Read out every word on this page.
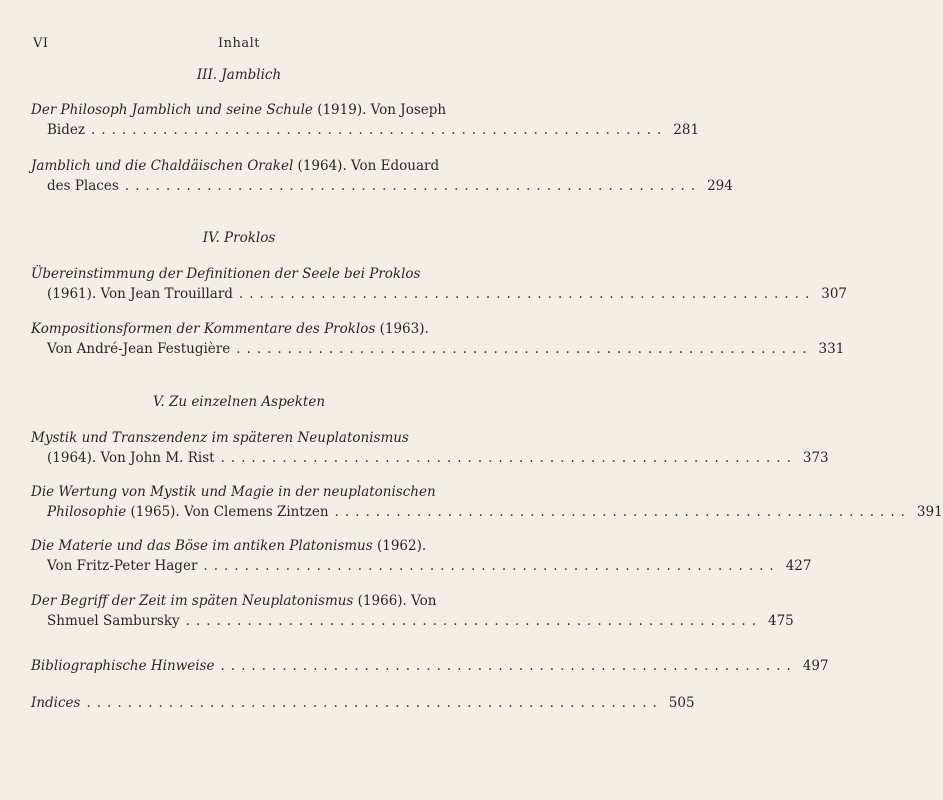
VI	Inhalt
III. Jamblich
Der Philosoph Jamblich und seine Schule (1919). Von Joseph
Bidez ........................................................ 281
Jamblich und die Chaldäischen Orakel (1964). Von Edouard
des Places ........................................................ 294
IV. Proklos
Übereinstimmung der Definitionen der Seele bei Proklos
(1961). Von Jean Trouillard ........................................................ 307
Kompositionsformen der Kommentare des Proklos (1963).
Von André-Jean Festugière ........................................................ 331
V. Zu einzelnen Aspekten
Mystik und Transzendenz im späteren Neuplatonismus
(1964). Von John M. Rist ........................................................ 373
Die Wertung von Mystik und Magie in der neuplatonischen
Philosophie (1965). Von Clemens Zintzen ........................................................ 391
Die Materie und das Böse im antiken Platonismus (1962).
Von Fritz-Peter Hager ........................................................ 427
Der Begriff der Zeit im späten Neuplatonismus (1966). Von
Shmuel Sambursky ........................................................ 475
Bibliographische Hinweise ........................................................ 497
Indices ........................................................ 505
